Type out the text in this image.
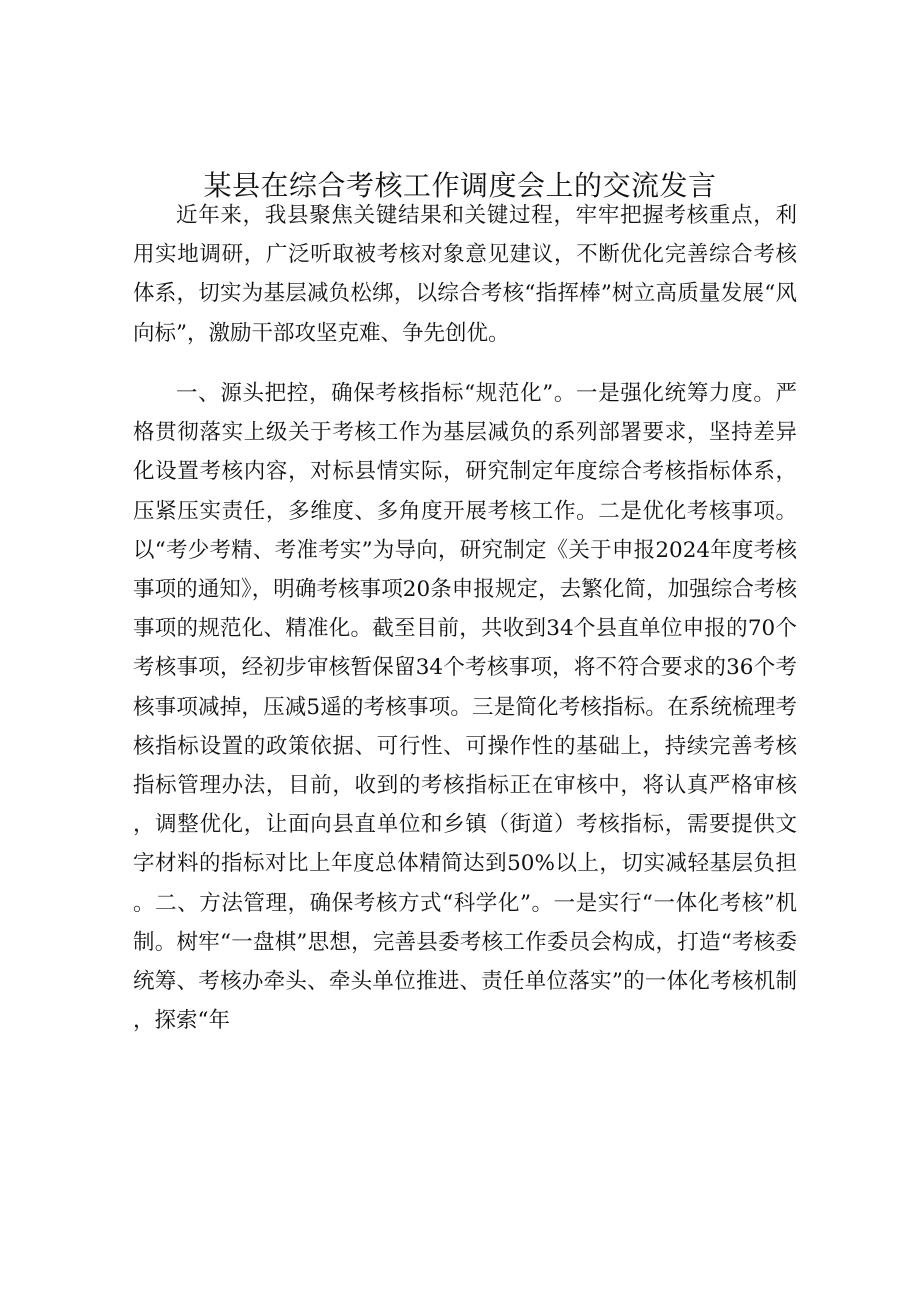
某县在综合考核工作调度会上的交流发言

近年来，我县聚焦关键结果和关键过程，牢牢把握考核重点，利用实地调研，广泛听取被考核对象意见建议，不断优化完善综合考核体系，切实为基层减负松绑，以综合考核“指挥棒”树立高质量发展“风向标”，激励干部攻坚克难、争先创优。

一、源头把控，确保考核指标“规范化”。一是强化统筹力度。严格贯彻落实上级关于考核工作为基层减负的系列部署要求，坚持差异化设置考核内容，对标县情实际，研究制定年度综合考核指标体系，压紧压实责任，多维度、多角度开展考核工作。二是优化考核事项。以“考少考精、考准考实”为导向，研究制定《关于申报2024年度考核事项的通知》，明确考核事项20条申报规定，去繁化简，加强综合考核事项的规范化、精准化。截至目前，共收到34个县直单位申报的70个考核事项，经初步审核暂保留34个考核事项，将不符合要求的36个考核事项减掉，压减5遥的考核事项。三是简化考核指标。在系统梳理考核指标设置的政策依据、可行性、可操作性的基础上，持续完善考核指标管理办法，目前，收到的考核指标正在审核中，将认真严格审核，调整优化，让面向县直单位和乡镇（街道）考核指标，需要提供文字材料的指标对比上年度总体精简达到50%以上，切实减轻基层负担。二、方法管理，确保考核方式“科学化”。一是实行“一体化考核”机制。树牢“一盘棋”思想，完善县委考核工作委员会构成，打造“考核委统筹、考核办牵头、牵头单位推进、责任单位落实”的一体化考核机制，探索“年
